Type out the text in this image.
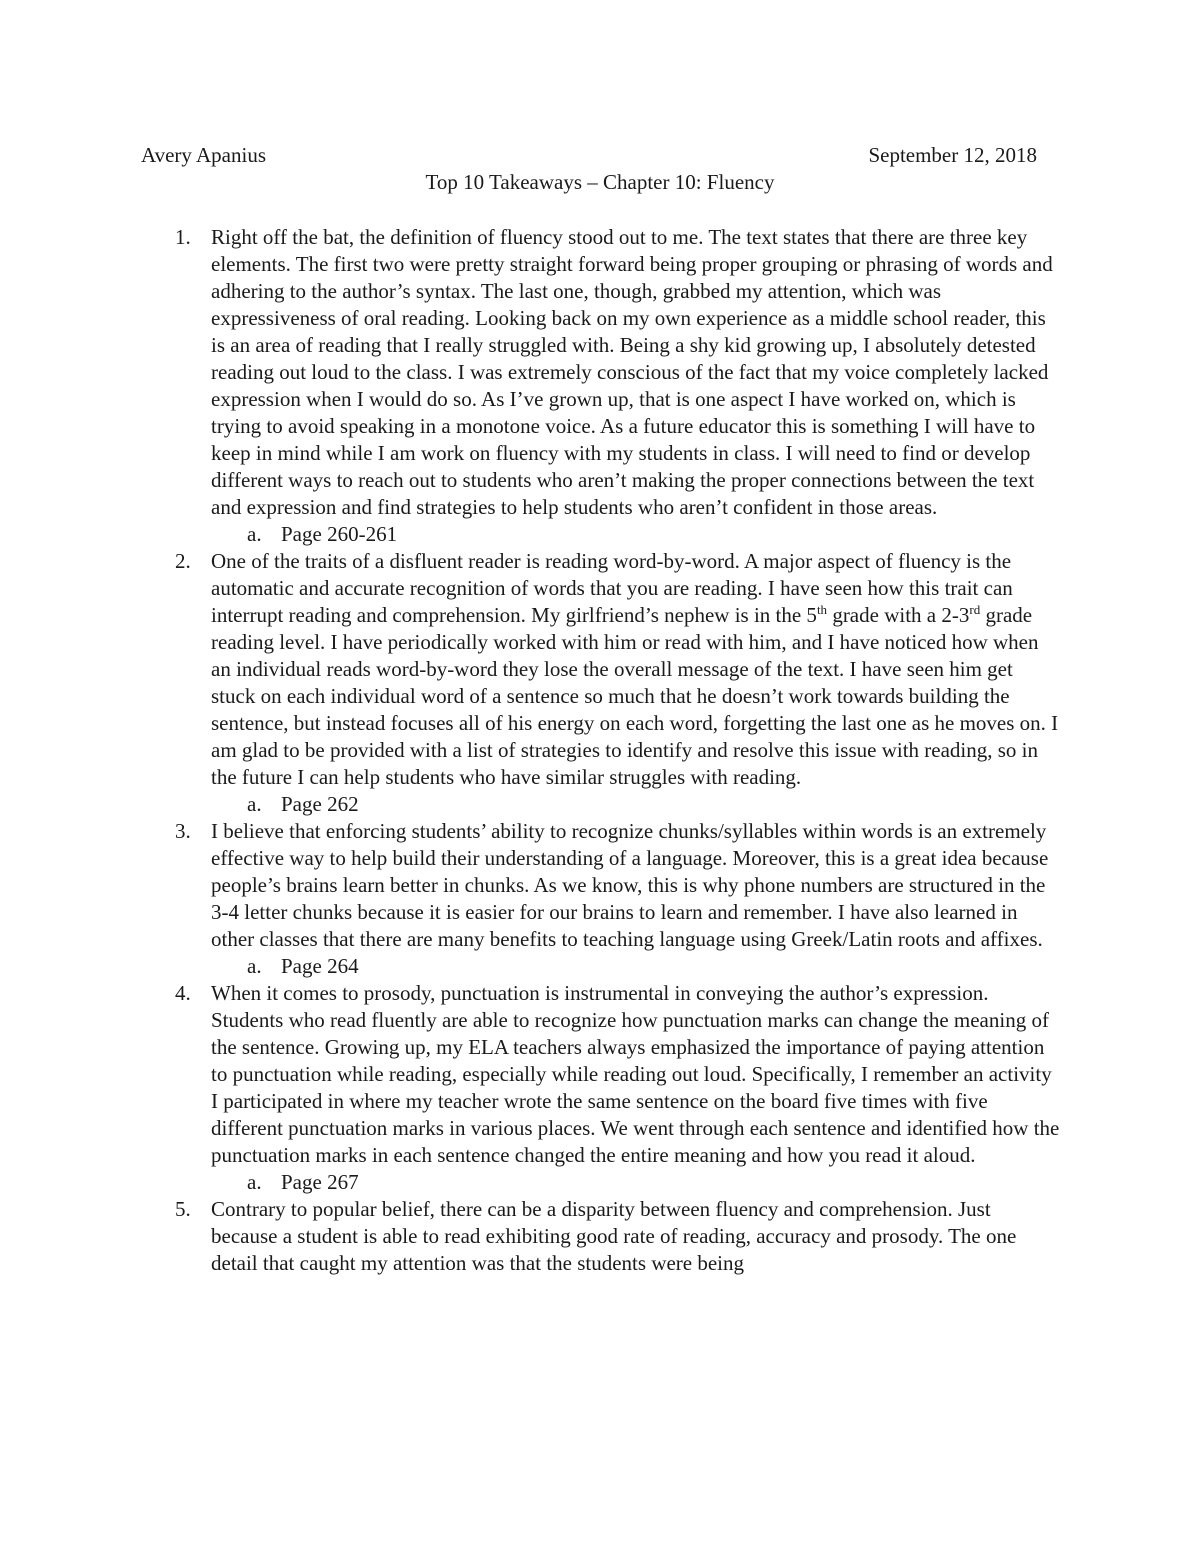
Avery Apanius	September 12, 2018
Top 10 Takeaways – Chapter 10: Fluency
1. Right off the bat, the definition of fluency stood out to me. The text states that there are three key elements. The first two were pretty straight forward being proper grouping or phrasing of words and adhering to the author’s syntax. The last one, though, grabbed my attention, which was expressiveness of oral reading. Looking back on my own experience as a middle school reader, this is an area of reading that I really struggled with. Being a shy kid growing up, I absolutely detested reading out loud to the class. I was extremely conscious of the fact that my voice completely lacked expression when I would do so. As I’ve grown up, that is one aspect I have worked on, which is trying to avoid speaking in a monotone voice. As a future educator this is something I will have to keep in mind while I am work on fluency with my students in class. I will need to find or develop different ways to reach out to students who aren’t making the proper connections between the text and expression and find strategies to help students who aren’t confident in those areas.
a. Page 260-261
2. One of the traits of a disfluent reader is reading word-by-word. A major aspect of fluency is the automatic and accurate recognition of words that you are reading. I have seen how this trait can interrupt reading and comprehension. My girlfriend’s nephew is in the 5th grade with a 2-3rd grade reading level. I have periodically worked with him or read with him, and I have noticed how when an individual reads word-by-word they lose the overall message of the text. I have seen him get stuck on each individual word of a sentence so much that he doesn’t work towards building the sentence, but instead focuses all of his energy on each word, forgetting the last one as he moves on. I am glad to be provided with a list of strategies to identify and resolve this issue with reading, so in the future I can help students who have similar struggles with reading.
a. Page 262
3. I believe that enforcing students’ ability to recognize chunks/syllables within words is an extremely effective way to help build their understanding of a language. Moreover, this is a great idea because people’s brains learn better in chunks. As we know, this is why phone numbers are structured in the 3-4 letter chunks because it is easier for our brains to learn and remember. I have also learned in other classes that there are many benefits to teaching language using Greek/Latin roots and affixes.
a. Page 264
4. When it comes to prosody, punctuation is instrumental in conveying the author’s expression. Students who read fluently are able to recognize how punctuation marks can change the meaning of the sentence. Growing up, my ELA teachers always emphasized the importance of paying attention to punctuation while reading, especially while reading out loud. Specifically, I remember an activity I participated in where my teacher wrote the same sentence on the board five times with five different punctuation marks in various places. We went through each sentence and identified how the punctuation marks in each sentence changed the entire meaning and how you read it aloud.
a. Page 267
5. Contrary to popular belief, there can be a disparity between fluency and comprehension. Just because a student is able to read exhibiting good rate of reading, accuracy and prosody. The one detail that caught my attention was that the students were being
